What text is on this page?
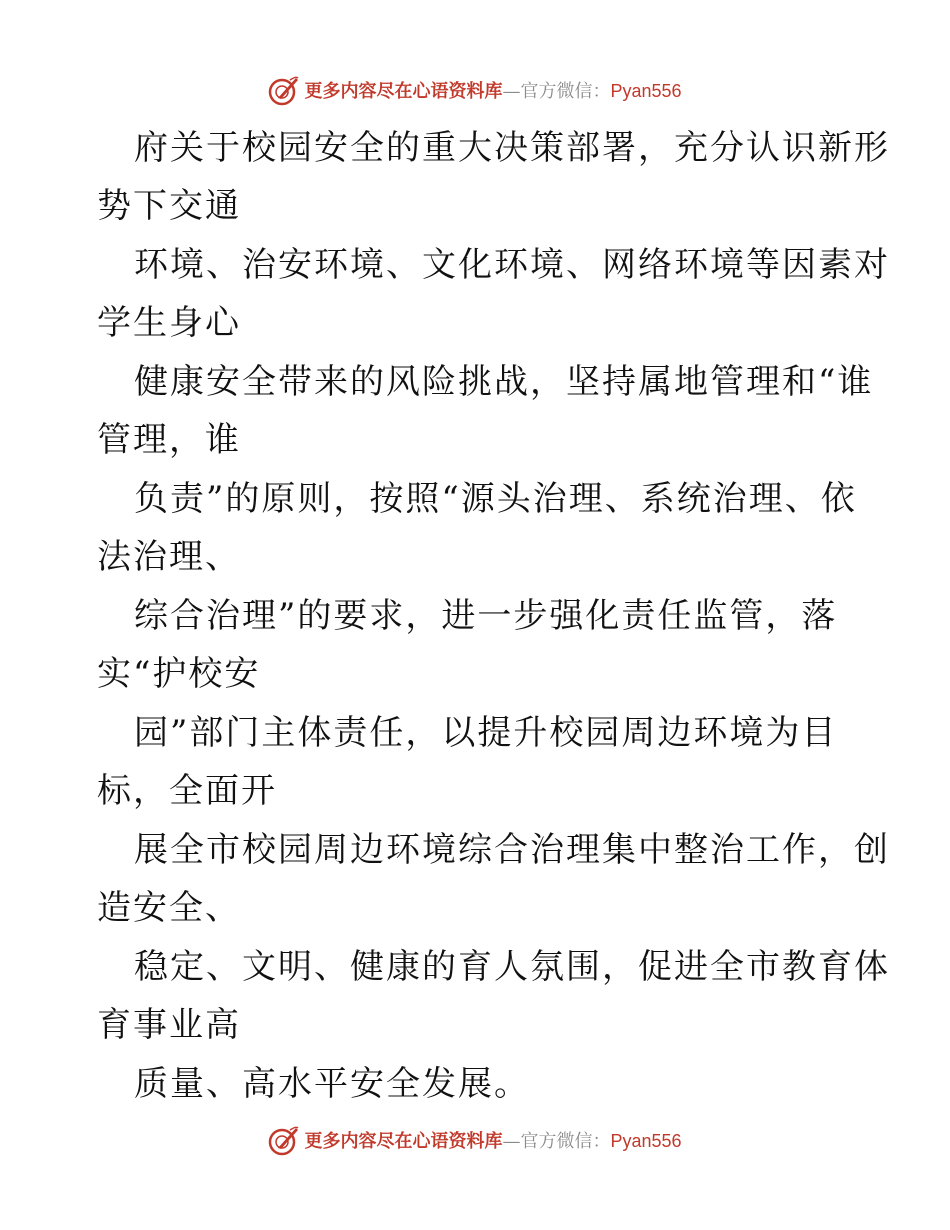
更多内容尽在心语资料库—官方微信：Pyan556
府关于校园安全的重大决策部署，充分认识新形
势下交通
环境、治安环境、文化环境、网络环境等因素对
学生身心
健康安全带来的风险挑战，坚持属地管理和“谁
管理，谁
负责”的原则，按照“源头治理、系统治理、依
法治理、
综合治理”的要求，进一步强化责任监管，落
实“护校安
园”部门主体责任，以提升校园周边环境为目
标，全面开
展全市校园周边环境综合治理集中整治工作，创
造安全、
稳定、文明、健康的育人氛围，促进全市教育体
育事业高
质量、高水平安全发展。
更多内容尽在心语资料库—官方微信：Pyan556
